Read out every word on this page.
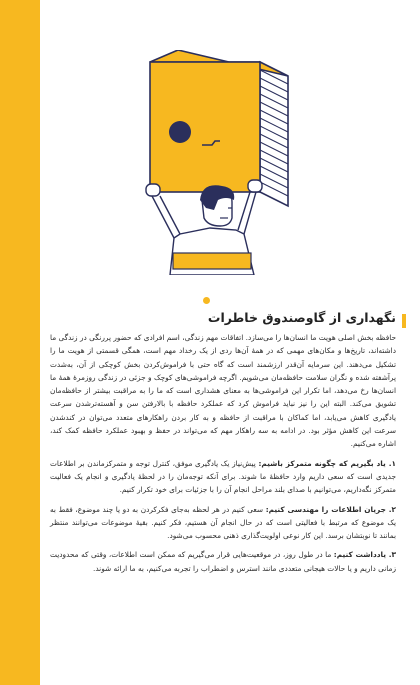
نگهداری از گاوصندوق خاطرات

حافظه بخش اصلی هویت ما انسان‌ها را می‌سازد. اتفاقات مهم زندگی، اسم افرادی که حضور پررنگی در زندگی ما داشته‌اند، تاریخ‌ها و مکان‌های مهمی که در همهٔ آن‌ها ردی از یک رخداد مهم است، همگی قسمتی از هویت ما را تشکیل می‌دهند. این سرمایه آن‌قدر ارزشمند است که گاه حتی با فراموش‌کردن بخش کوچکی از آن، به‌شدت پرآشفته شده و نگران سلامت حافظه‌مان می‌شویم. اگرچه فراموشی‌های کوچک و جزئی در زندگی روزمرهٔ همهٔ ما انسان‌ها رخ می‌دهد، اما تکرار این فراموشی‌ها به معنای هشداری است که ما را به مراقبت بیشتر از حافظه‌مان تشویق می‌کند. البته این را نیز نباید فراموش کرد که عملکرد حافظه با بالارفتن سن و آهسته‌ترشدن سرعت یادگیری کاهش می‌یابد، اما کماکان با مراقبت از حافظه و به کار بردن راهکارهای متعدد می‌توان در کندشدن سرعت این کاهش مؤثر بود. در ادامه به سه راهکار مهم که می‌تواند در حفظ و بهبود عملکرد حافظه کمک کند، اشاره می‌کنیم.

۱. یاد بگیریم که چگونه متمرکز باشیم: پیش‌نیاز یک یادگیری موفق، کنترل توجه و متمرکزماندن بر اطلاعات جدیدی است که سعی داریم وارد حافظهٔ ما شوند. برای آنکه توجه‌مان را در لحظهٔ یادگیری و انجام یک فعالیت متمرکز نگه‌داریم، می‌توانیم با صدای بلند مراحل انجام آن را با جزئیات برای خود تکرار کنیم.

۲. جریان اطلاعات را مهندسی کنیم: سعی کنیم در هر لحظه به‌جای فکرکردن به دو یا چند موضوع، فقط به یک موضوع که مرتبط با فعالیتی است که در حال انجام آن هستیم، فکر کنیم. بقیهٔ موضوعات می‌توانند منتظر بمانند تا نوبتشان برسد. این کار نوعی اولویت‌گذاری ذهنی محسوب می‌شود.

۳. یادداشت کنیم: ما در طول روز، در موقعیت‌هایی قرار می‌گیریم که ممکن است اطلاعات، وقتی که محدودیت زمانی داریم و یا حالات هیجانی متعددی مانند استرس و اضطراب را تجربه می‌کنیم، به ما ارائه شوند.
